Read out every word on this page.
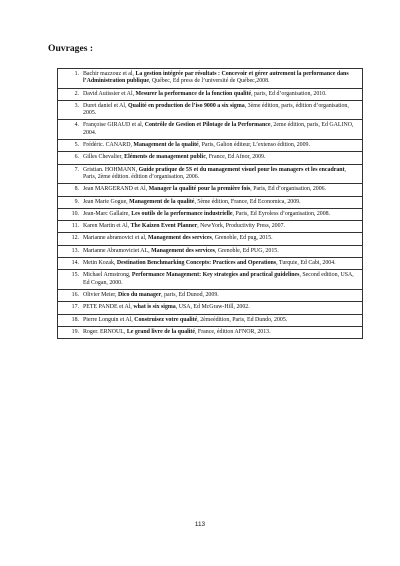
Ouvrages :
1. Bachir mazzouz et al, La gestion intégrée par résultats : Concevoir et gérer autrement la performance dans l’Administration publique, Québec, Ed press de l’université de Québec,2008.

2. David Autissier et Al, Mesurer la performance de la fonction qualité, paris, Ed d’organisation, 2010.

3. Duret daniel et Al, Qualité en production de l’iso 9000 a six sigma, 3ème édition, paris, édition d’organisation, 2005.

4. Françoise GIRAUD et al, Contrôle de Gestion et Pilotage de la Performance, 2eme édition, paris, Ed GALINO, 2004.

5. Frédéric. CANARD, Management de la qualité, Paris, Galion éditeur, L’extenso édition, 2009.

6. Gilles Chevalier, Eléments de management public, France, Ed Afnor, 2009.

7. Gristian. HOHMANN, Guide pratique de 5S et du management visuel pour les managers et les encadrant, Paris, 2ème édition. édition d’organisation, 2006.

8. Jean MARGERAND et Al, Manager la qualité pour la première fois, Paris, Ed d’organisation, 2006.

9. Jean Marie Gogue, Management de la qualité, 5ème édition, France, Ed Economica, 2009.

10. Jean-Marc Gallaire, Les outils de la performance industrielle, Paris, Ed Eyroless d’organisation, 2008.

11. Karen Martin et Al, The Kaizen Event Planner, NewYork, Productivity Press, 2007.

12. Marianne abramovici et al, Management des services, Grenoble, Ed pug, 2015.

13. Marianne Abramoviciet AL, Management des services, Grenoble, Ed PUG, 2015.

14. Metin Kozak, Destination Benchmarking Concepts: Practices and Operations, Turquie, Ed Cabi, 2004.

15. Michael Armstrong, Performance Management: Key strategies and practical guidelines, Second edition, USA, Ed Cogan, 2000.

16. Olivier Meier, Dico du manager, paris, Ed Dunod, 2009.

17. PETE PANDE et Al, what is six sigma, USA, Ed McGraw-Hill, 2002.

18. Pierre Longuin et Al, Construisez votre qualité, 2èmeédition, Paris, Ed Dundo, 2005.

19. Roger. ERNOUL, Le grand livre de la qualité, France, édition AFNOR, 2013.
113
